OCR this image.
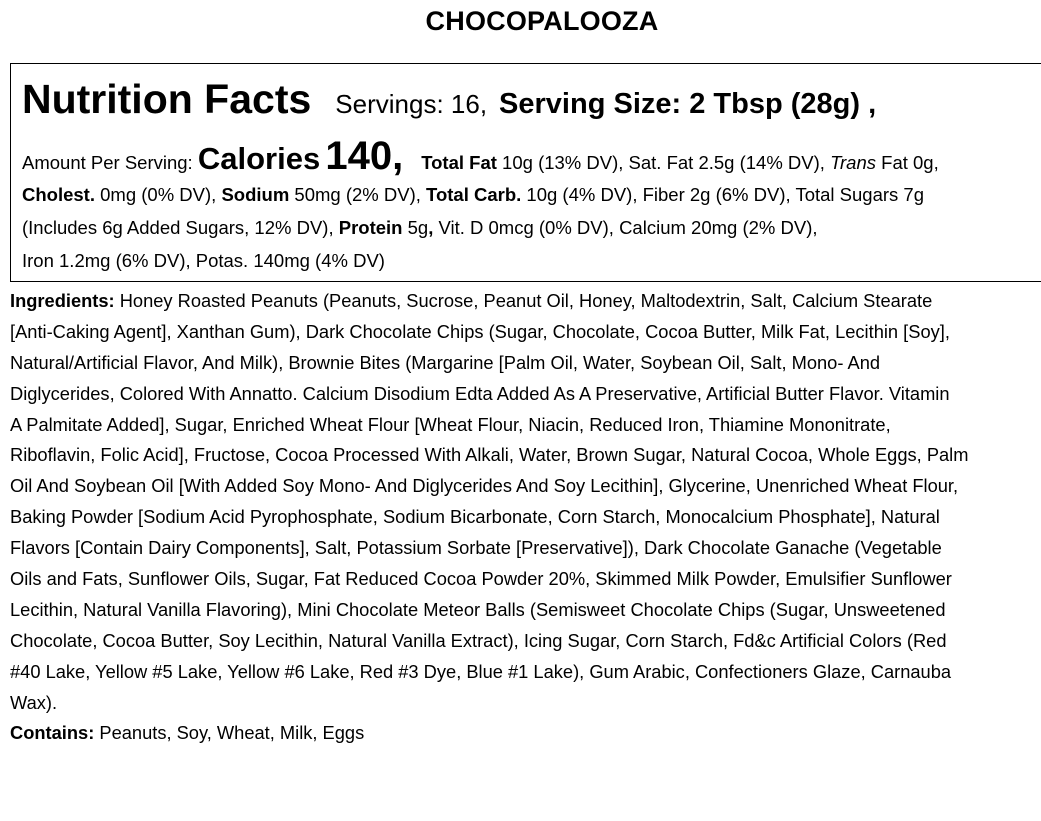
CHOCOPALOOZA
Nutrition Facts Servings: 16, Serving Size: 2 Tbsp (28g) ,
Amount Per Serving: Calories 140, Total Fat 10g (13% DV), Sat. Fat 2.5g (14% DV), Trans Fat 0g,
Cholest. 0mg (0% DV), Sodium 50mg (2% DV), Total Carb. 10g (4% DV), Fiber 2g (6% DV), Total Sugars 7g
(Includes 6g Added Sugars, 12% DV), Protein 5g, Vit. D 0mcg (0% DV), Calcium 20mg (2% DV),
Iron 1.2mg (6% DV), Potas. 140mg (4% DV)
Ingredients: Honey Roasted Peanuts (Peanuts, Sucrose, Peanut Oil, Honey, Maltodextrin, Salt, Calcium Stearate
[Anti-Caking Agent], Xanthan Gum), Dark Chocolate Chips (Sugar, Chocolate, Cocoa Butter, Milk Fat, Lecithin [Soy],
Natural/Artificial Flavor, And Milk), Brownie Bites (Margarine [Palm Oil, Water, Soybean Oil, Salt, Mono- And
Diglycerides, Colored With Annatto. Calcium Disodium Edta Added As A Preservative, Artificial Butter Flavor. Vitamin
A Palmitate Added], Sugar, Enriched Wheat Flour [Wheat Flour, Niacin, Reduced Iron, Thiamine Mononitrate,
Riboflavin, Folic Acid], Fructose, Cocoa Processed With Alkali, Water, Brown Sugar, Natural Cocoa, Whole Eggs, Palm
Oil And Soybean Oil [With Added Soy Mono- And Diglycerides And Soy Lecithin], Glycerine, Unenriched Wheat Flour,
Baking Powder [Sodium Acid Pyrophosphate, Sodium Bicarbonate, Corn Starch, Monocalcium Phosphate], Natural
Flavors [Contain Dairy Components], Salt, Potassium Sorbate [Preservative]), Dark Chocolate Ganache (Vegetable
Oils and Fats, Sunflower Oils, Sugar, Fat Reduced Cocoa Powder 20%, Skimmed Milk Powder, Emulsifier Sunflower
Lecithin, Natural Vanilla Flavoring), Mini Chocolate Meteor Balls (Semisweet Chocolate Chips (Sugar, Unsweetened
Chocolate, Cocoa Butter, Soy Lecithin, Natural Vanilla Extract), Icing Sugar, Corn Starch, Fd&c Artificial Colors (Red
#40 Lake, Yellow #5 Lake, Yellow #6 Lake, Red #3 Dye, Blue #1 Lake), Gum Arabic, Confectioners Glaze, Carnauba
Wax).
Contains: Peanuts, Soy, Wheat, Milk, Eggs
